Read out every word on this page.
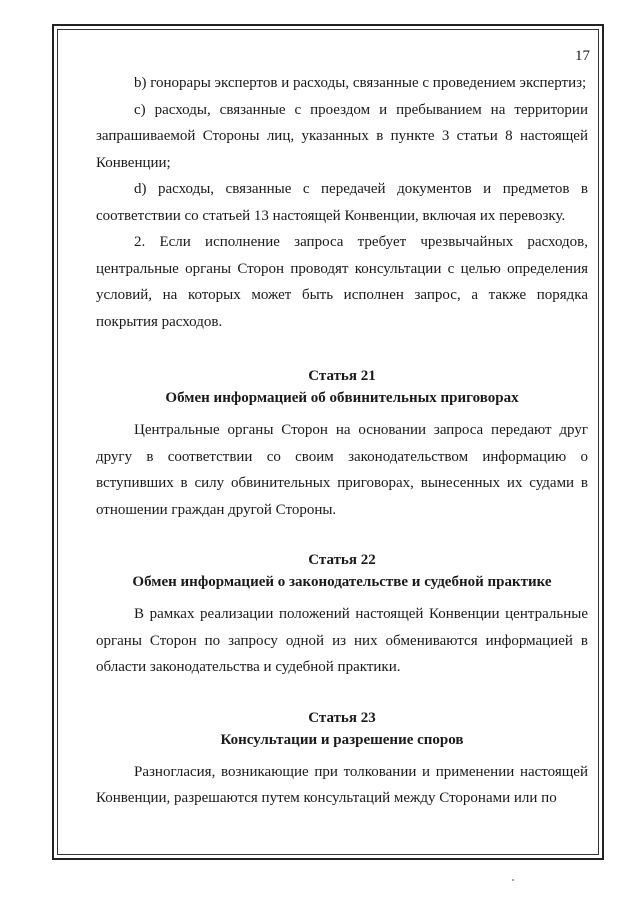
17

b) гонорары экспертов и расходы, связанные с проведением экспертиз;

c) расходы, связанные с проездом и пребыванием на территории запрашиваемой Стороны лиц, указанных в пункте 3 статьи 8 настоящей Конвенции;

d) расходы, связанные с передачей документов и предметов в соответствии со статьей 13 настоящей Конвенции, включая их перевозку.

2. Если исполнение запроса требует чрезвычайных расходов, центральные органы Сторон проводят консультации с целью определения условий, на которых может быть исполнен запрос, а также порядка покрытия расходов.

Статья 21

Обмен информацией об обвинительных приговорах

Центральные органы Сторон на основании запроса передают друг другу в соответствии со своим законодательством информацию о вступивших в силу обвинительных приговорах, вынесенных их судами в отношении граждан другой Стороны.

Статья 22

Обмен информацией о законодательстве и судебной практике

В рамках реализации положений настоящей Конвенции центральные органы Сторон по запросу одной из них обмениваются информацией в области законодательства и судебной практики.

Статья 23

Консультации и разрешение споров

Разногласия, возникающие при толковании и применении настоящей Конвенции, разрешаются путем консультаций между Сторонами или по
